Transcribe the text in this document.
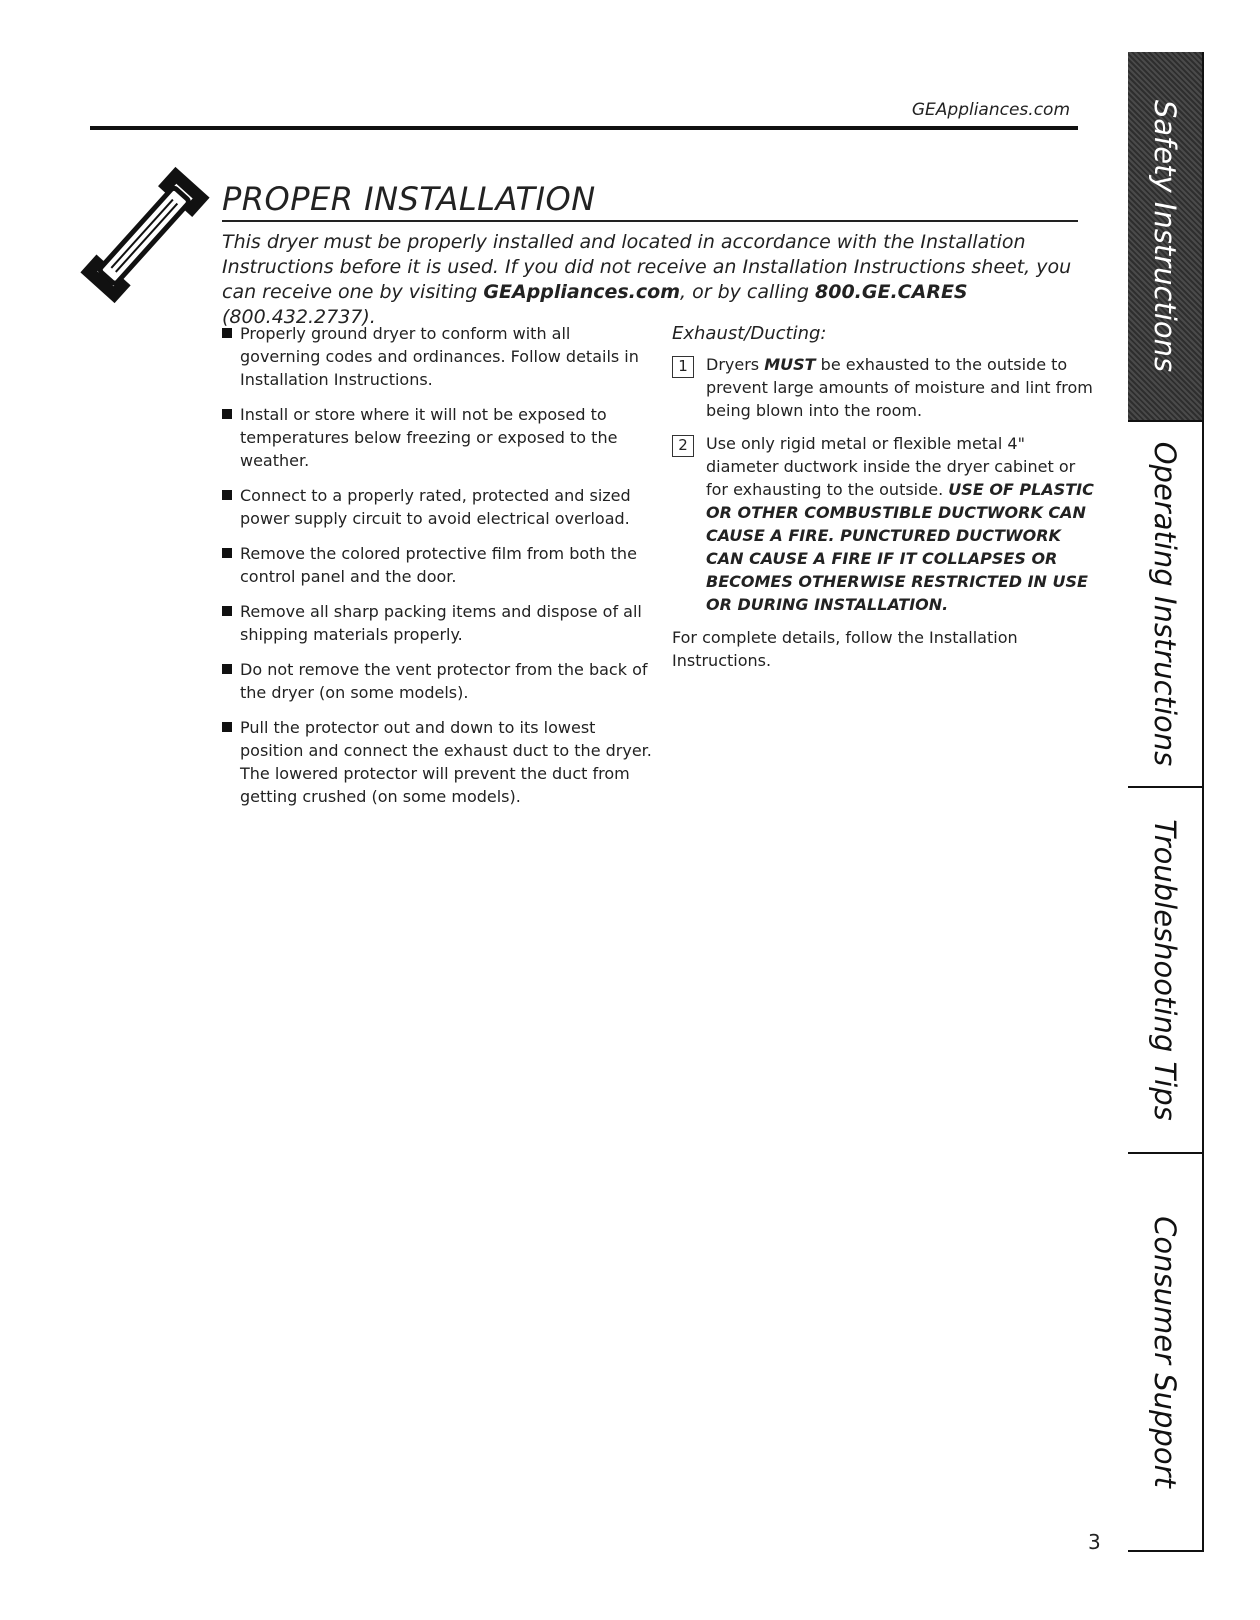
GEAppliances.com
PROPER INSTALLATION
This dryer must be properly installed and located in accordance with the Installation Instructions before it is used. If you did not receive an Installation Instructions sheet, you can receive one by visiting GEAppliances.com, or by calling 800.GE.CARES (800.432.2737).
Properly ground dryer to conform with all governing codes and ordinances. Follow details in Installation Instructions.
Install or store where it will not be exposed to temperatures below freezing or exposed to the weather.
Connect to a properly rated, protected and sized power supply circuit to avoid electrical overload.
Remove the colored protective film from both the control panel and the door.
Remove all sharp packing items and dispose of all shipping materials properly.
Do not remove the vent protector from the back of the dryer (on some models).
Pull the protector out and down to its lowest position and connect the exhaust duct to the dryer. The lowered protector will prevent the duct from getting crushed (on some models).
Exhaust/Ducting:
1	Dryers MUST be exhausted to the outside to prevent large amounts of moisture and lint from being blown into the room.
2	Use only rigid metal or flexible metal 4" diameter ductwork inside the dryer cabinet or for exhausting to the outside. USE OF PLASTIC OR OTHER COMBUSTIBLE DUCTWORK CAN CAUSE A FIRE. PUNCTURED DUCTWORK CAN CAUSE A FIRE IF IT COLLAPSES OR BECOMES OTHERWISE RESTRICTED IN USE OR DURING INSTALLATION.
For complete details, follow the Installation Instructions.
3
Safety Instructions
Operating Instructions
Troubleshooting Tips
Consumer Support
